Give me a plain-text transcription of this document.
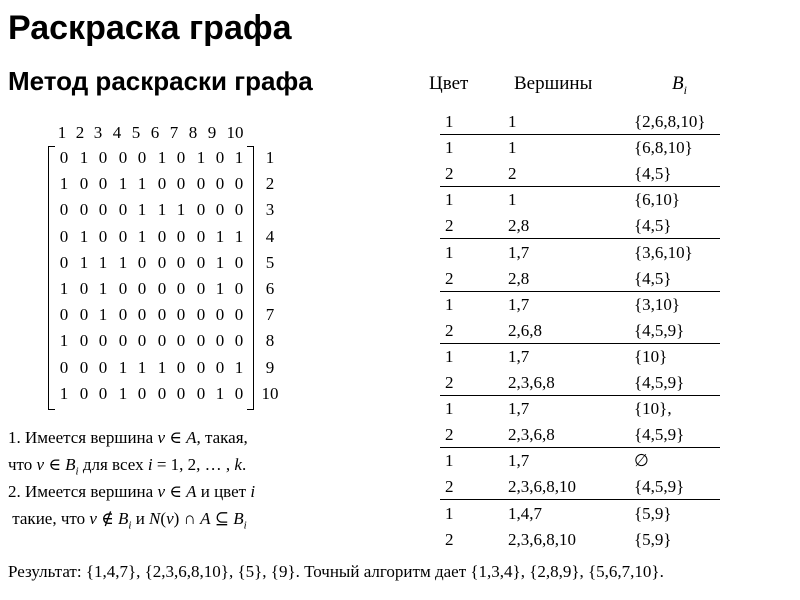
Раскраска графа
Метод раскраски графа	Цвет Вершины	$B_i$
1 2 3 4 5 6 7 8 9 10
0 1 0 0 0 1 0 1 0 1	1
1 0 0 1 1 0 0 0 0 0	2
0 0 0 0 1 1 1 0 0 0	3
0 1 0 0 1 0 0 0 1 1	4
0 1 1 1 0 0 0 0 1 0	5
1 0 1 0 0 0 0 0 1 0	6
0 0 1 0 0 0 0 0 0 0	7
1 0 0 0 0 0 0 0 0 0	8
0 0 0 1 1 1 0 0 0 1	9
1 0 0 1 0 0 0 0 1 0 10
1	1	{2,6,8,10}
1	1	{6,8,10}
2	2	{4,5}
1	1	{6,10}
2	2,8	{4,5}
1	1,7	{3,6,10}
2	2,8	{4,5}
1	1,7	{3,10}
2	2,6,8	{4,5,9}
1	1,7	{10}
2	2,3,6,8	{4,5,9}
1	1,7	{10},
2	2,3,6,8	{4,5,9}
1	1,7	∅
2	2,3,6,8,10	{4,5,9}
1	1,4,7	{5,9}
2	2,3,6,8,10	{5,9}
1. Имеется вершина v ∈ A, такая,
что v ∈ $B_i$ для всех i = 1, 2, … , k.
2. Имеется вершина v ∈ A и цвет i
такие, что v ∉ $B_i$ и N(v) ∩ A ⊆ $B_i$
Результат: {1,4,7}, {2,3,6,8,10}, {5}, {9}. Точный алгоритм дает {1,3,4}, {2,8,9}, {5,6,7,10}.
